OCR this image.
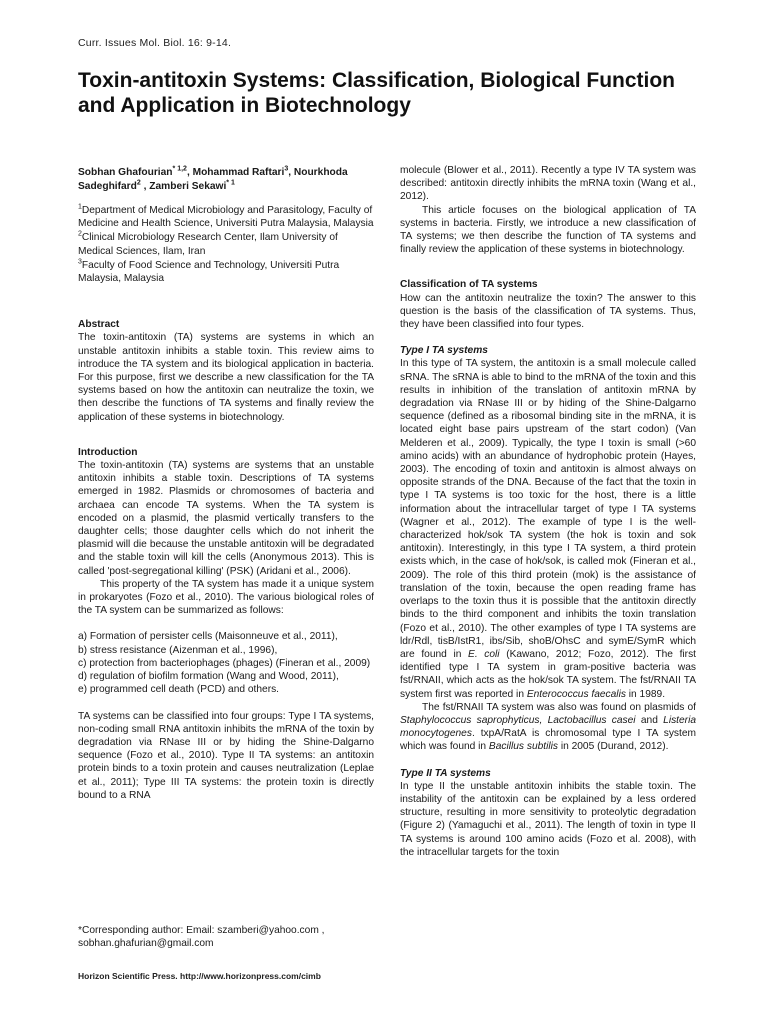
Curr. Issues Mol. Biol. 16: 9-14.
Toxin-antitoxin Systems: Classification, Biological Function and Application in Biotechnology

Sobhan Ghafourian$^{* 1,2}$, Mohammad Raftari$^3$, Nourkhoda
Sadeghifard$^2$ , Zamberi Sekawi$^{* 1}$

$^1$Department of Medical Microbiology and Parasitology, Faculty of Medicine and Health Science, Universiti Putra Malaysia, Malaysia

$^2$Clinical Microbiology Research Center, Ilam University of Medical Sciences, Ilam, Iran

$^3$Faculty of Food Science and Technology, Universiti Putra Malaysia, Malaysia

Abstract

The toxin-antitoxin (TA) systems are systems in which an unstable antitoxin inhibits a stable toxin. This review aims to introduce the TA system and its biological application in bacteria. For this purpose, first we describe a new classification for the TA systems based on how the antitoxin can neutralize the toxin, we then describe the functions of TA systems and finally review the application of these systems in biotechnology.

Introduction

The toxin-antitoxin (TA) systems are systems that an unstable antitoxin inhibits a stable toxin. Descriptions of TA systems emerged in 1982. Plasmids or chromosomes of bacteria and archaea can encode TA systems. When the TA system is encoded on a plasmid, the plasmid vertically transfers to the daughter cells; those daughter cells which do not inherit the plasmid will die because the unstable antitoxin will be degradated and the stable toxin will kill the cells (Anonymous 2013). This is called 'post-segregational killing' (PSK) (Aridani et al., 2006).

This property of the TA system has made it a unique system in prokaryotes (Fozo et al., 2010). The various biological roles of the TA system can be summarized as follows:

a) Formation of persister cells (Maisonneuve et al., 2011),

b) stress resistance (Aizenman et al., 1996),

c) protection from bacteriophages (phages) (Fineran et al., 2009)

d) regulation of biofilm formation (Wang and Wood, 2011),

e) programmed cell death (PCD) and others.

TA systems can be classified into four groups: Type I TA systems, non-coding small RNA antitoxin inhibits the mRNA of the toxin by degradation via RNase III or by hiding the Shine-Dalgarno sequence (Fozo et al., 2010). Type II TA systems: an antitoxin protein binds to a toxin protein and causes neutralization (Leplae et al., 2011); Type III TA systems: the protein toxin is directly bound to a RNA

*Corresponding author: Email: szamberi@yahoo.com ,

sobhan.ghafurian@gmail.com

molecule (Blower et al., 2011). Recently a type IV TA system was described: antitoxin directly inhibits the mRNA toxin (Wang et al., 2012).

This article focuses on the biological application of TA systems in bacteria. Firstly, we introduce a new classification of TA systems; we then describe the function of TA systems and finally review the application of these systems in biotechnology.

Classification of TA systems

How can the antitoxin neutralize the toxin? The answer to this question is the basis of the classification of TA systems. Thus, they have been classified into four types.

Type I TA systems

In this type of TA system, the antitoxin is a small molecule called sRNA. The sRNA is able to bind to the mRNA of the toxin and this results in inhibition of the translation of antitoxin mRNA by degradation via RNase III or by hiding of the Shine-Dalgarno sequence (defined as a ribosomal binding site in the mRNA, it is located eight base pairs upstream of the start codon) (Van Melderen et al., 2009). Typically, the type I toxin is small (>60 amino acids) with an abundance of hydrophobic protein (Hayes, 2003). The encoding of toxin and antitoxin is almost always on opposite strands of the DNA. Because of the fact that the toxin in type I TA systems is too toxic for the host, there is a little information about the intracellular target of type I TA systems (Wagner et al., 2012). The example of type I is the well-characterized hok/sok TA system (the hok is toxin and sok antitoxin). Interestingly, in this type I TA system, a third protein exists which, in the case of hok/sok, is called mok (Fineran et al., 2009). The role of this third protein (mok) is the assistance of translation of the toxin, because the open reading frame has overlaps to the toxin thus it is possible that the antitoxin directly binds to the third component and inhibits the toxin translation (Fozo et al., 2010). The other examples of type I TA systems are ldr/Rdl, tisB/IstR1, ibs/Sib, shoB/OhsC and symE/SymR which are found in E. coli (Kawano, 2012; Fozo, 2012). The first identified type I TA system in gram-positive bacteria was fst/RNAII, which acts as the hok/sok TA system. The fst/RNAII TA system first was reported in Enterococcus faecalis in 1989.

The fst/RNAII TA system was also was found on plasmids of Staphylococcus saprophyticus, Lactobacillus casei and Listeria monocytogenes. txpA/RatA is chromosomal type I TA system which was found in Bacillus subtilis in 2005 (Durand, 2012).

Type II TA systems

In type II the unstable antitoxin inhibits the stable toxin. The instability of the antitoxin can be explained by a less ordered structure, resulting in more sensitivity to proteolytic degradation (Figure 2) (Yamaguchi et al., 2011). The length of toxin in type II TA systems is around 100 amino acids (Fozo et al. 2008), with the intracellular targets for the toxin

Horizon Scientific Press. http://www.horizonpress.com/cimb
